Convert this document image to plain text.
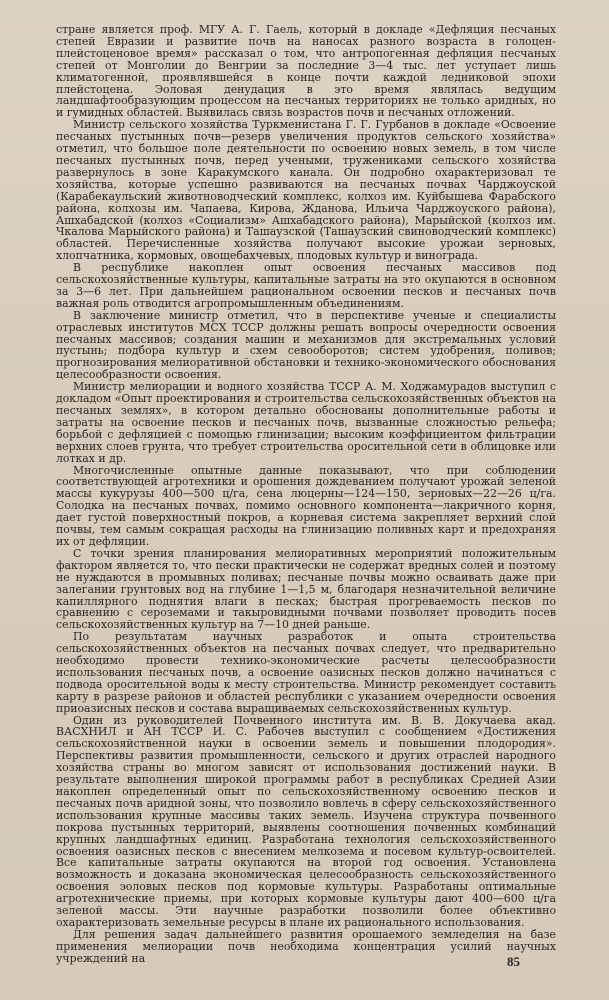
стране является проф. МГУ А. Г. Гаель, который в докладе «Дефляция песчаных степей Евразии и развитие почв на наносах разного возраста в голоцен-плейстоценовое время» рассказал о том, что антропогенная дефляция песчаных степей от Монголии до Венгрии за последние 3—4 тыс. лет уступает лишь климатогенной, проявлявшейся в конце почти каждой ледниковой эпохи плейстоцена. Эоловая денудация в это время являлась ведущим ландшафтообразующим процессом на песчаных территориях не только аридных, но и гумидных областей. Выявилась связь возрастов почв и песчаных отложений.

Министр сельского хозяйства Туркменистана Г. Г. Гурбанов в докладе «Освоение песчаных пустынных почв—резерв увеличения продуктов сельского хозяйства» отметил, что большое поле деятельности по освоению новых земель, в том числе песчаных пустынных почв, перед учеными, тружениками сельского хозяйства развернулось в зоне Каракумского канала. Он подробно охарактеризовал те хозяйства, которые успешно развиваются на песчаных почвах Чарджоуской (Карабекаульский животноводческий комплекс, колхоз им. Куйбышева Фарабского района, колхозы им. Чапаева, Кирова, Жданова, Ильича Чарджоуского района), Ашхабадской (колхоз «Социализм» Ашхабадского района), Марыйской (колхоз им. Чкалова Марыйского района) и Ташаузской (Ташаузский свиноводческий комплекс) областей. Перечисленные хозяйства получают высокие урожаи зерновых, хлопчатника, кормовых, овощебахчевых, плодовых культур и винограда.

В республике накоплен опыт освоения песчаных массивов под сельскохозяйственные культуры, капитальные затраты на это окупаются в основном за 3—6 лет. При дальнейшем рациональном освоении песков и песчаных почв важная роль отводится агропромышленным объединениям.

В заключение министр отметил, что в перспективе ученые и специалисты отраслевых институтов МСХ ТССР должны решать вопросы очередности освоения песчаных массивов; создания машин и механизмов для экстремальных условий пустынь; подбора культур и схем севооборотов; систем удобрения, поливов; прогнозирования мелиоративной обстановки и технико-экономического обоснования целесообразности освоения.

Министр мелиорации и водного хозяйства ТССР А. М. Ходжамурадов выступил с докладом «Опыт проектирования и строительства сельскохозяйственных объектов на песчаных землях», в котором детально обоснованы дополнительные работы и затраты на освоение песков и песчаных почв, вызванные сложностью рельефа; борьбой с дефляцией с помощью глинизации; высоким коэффициентом фильтрации верхних слоев грунта, что требует строительства оросительной сети в облицовке или лотках и др.

Многочисленные опытные данные показывают, что при соблюдении соответствующей агротехники и орошения дождеванием получают урожай зеленой массы кукурузы 400—500 ц/га, сена люцерны—124—150, зерновых—22—26 ц/га. Солодка на песчаных почвах, помимо основного компонента—лакричного корня, дает густой поверхностный покров, а корневая система закрепляет верхний слой почвы, тем самым сокращая расходы на глинизацию поливных карт и предохраняя их от дефляции.

С точки зрения планирования мелиоративных мероприятий положительным фактором является то, что пески практически не содержат вредных солей и поэтому не нуждаются в промывных поливах; песчаные почвы можно осваивать даже при залегании грунтовых вод на глубине 1—1,5 м, благодаря незначительной величине капиллярного поднятия влаги в песках; быстрая прогреваемость песков по сравнению с сероземами и такыровидными почвами позволяет проводить посев сельскохозяйственных культур на 7—10 дней раньше.

По результатам научных разработок и опыта строительства сельскохозяйственных объектов на песчаных почвах следует, что предварительно необходимо провести технико-экономические расчеты целесообразности использования песчаных почв, а освоение оазисных песков должно начинаться с подвода оросительной воды к месту строительства. Министр рекомендует составить карту в разрезе районов и областей республики с указанием очередности освоения приоазисных песков и состава выращиваемых сельскохозяйственных культур.

Один из руководителей Почвенного института им. В. В. Докучаева акад. ВАСХНИЛ и АН ТССР И. С. Рабочев выступил с сообщением «Достижения сельскохозяйственной науки в освоении земель и повышении плодородия». Перспективы развития промышленности, сельского и других отраслей народного хозяйства страны во многом зависят от использования достижений науки. В результате выполнения широкой программы работ в республиках Средней Азии накоплен определенный опыт по сельскохозяйственному освоению песков и песчаных почв аридной зоны, что позволило вовлечь в сферу сельскохозяйственного использования крупные массивы таких земель. Изучена структура почвенного покрова пустынных территорий, выявлены соотношения почвенных комбинаций крупных ландшафтных единиц. Разработана технология сельскохозяйственного освоения оазисных песков с внесением мелкозема и посевом культур-освоителей. Все капитальные затраты окупаются на второй год освоения. Установлена возможность и доказана экономическая целесообразность сельскохозяйственного освоения эоловых песков под кормовые культуры. Разработаны оптимальные агротехнические приемы, при которых кормовые культуры дают 400—600 ц/га зеленой массы. Эти научные разработки позволили более объективно охарактеризовать земельные ресурсы в плане их рационального использования.

Для решения задач дальнейшего развития орошаемого земледелия на базе применения мелиорации почв необходима концентрация усилий научных учреждений на	85
